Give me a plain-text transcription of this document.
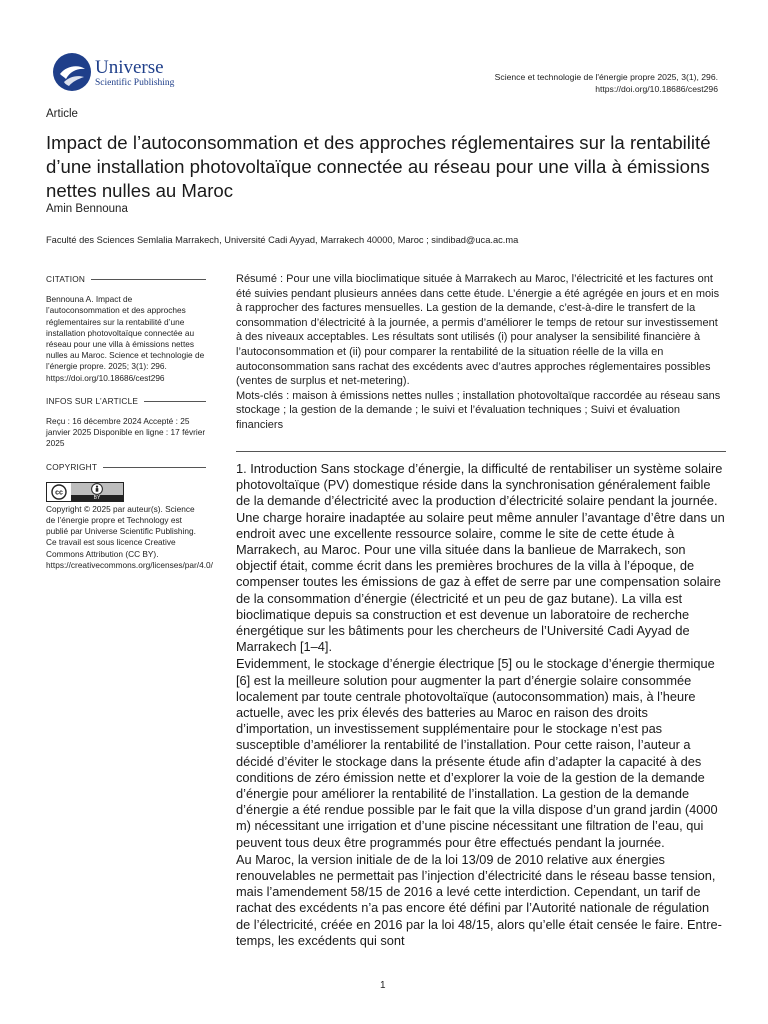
Universe
Scientific Publishing
Science et technologie de l'énergie propre 2025, 3(1), 296.
https://doi.org/10.18686/cest296
Article
Impact de l’autoconsommation et des approches réglementaires sur la rentabilité d’une installation photovoltaïque connectée au réseau pour une villa à émissions nettes nulles au Maroc
Amin Bennouna
Faculté des Sciences Semlalia Marrakech, Université Cadi Ayyad, Marrakech 40000, Maroc ; sindibad@uca.ac.ma
CITATION
Bennouna A. Impact de l’autoconsommation et des approches réglementaires sur la rentabilité d’une installation photovoltaïque connectée au réseau pour une villa à émissions nettes nulles au Maroc. Science et technologie de l’énergie propre. 2025; 3(1): 296. https://doi.org/10.18686/cest296
INFOS SUR L’ARTICLE
Reçu : 16 décembre 2024 Accepté : 25 janvier 2025 Disponible en ligne : 17 février 2025
COPYRIGHT
cc
BY
Copyright © 2025 par auteur(s). Science de l’énergie propre et Technology est publié par Universe Scientific Publishing. Ce travail est sous licence Creative Commons Attribution (CC BY). https://creativecommons.org/licenses/par/4.0/

Résumé : Pour une villa bioclimatique située à Marrakech au Maroc, l’électricité et les factures ont été suivies pendant plusieurs années dans cette étude. L’énergie a été agrégée en jours et en mois à rapprocher des factures mensuelles. La gestion de la demande, c’est-à-dire le transfert de la consommation d’électricité à la journée, a permis d’améliorer le temps de retour sur investissement à des niveaux acceptables. Les résultats sont utilisés (i) pour analyser la sensibilité financière à l’autoconsommation et (ii) pour comparer la rentabilité de la situation réelle de la villa en autoconsommation sans rachat des excédents avec d’autres approches réglementaires possibles (ventes de surplus et net-metering).

Mots-clés : maison à émissions nettes nulles ; installation photovoltaïque raccordée au réseau sans stockage ; la gestion de la demande ; le suivi et l’évaluation techniques ; Suivi et évaluation financiers

1. Introduction Sans stockage d’énergie, la difficulté de rentabiliser un système solaire photovoltaïque (PV) domestique réside dans la synchronisation généralement faible de la demande d’électricité avec la production d’électricité solaire pendant la journée. Une charge horaire inadaptée au solaire peut même annuler l’avantage d’être dans un endroit avec une excellente ressource solaire, comme le site de cette étude à Marrakech, au Maroc. Pour une villa située dans la banlieue de Marrakech, son objectif était, comme écrit dans les premières brochures de la villa à l’époque, de compenser toutes les émissions de gaz à effet de serre par une compensation solaire de la consommation d’énergie (électricité et un peu de gaz butane). La villa est bioclimatique depuis sa construction et est devenue un laboratoire de recherche énergétique sur les bâtiments pour les chercheurs de l’Université Cadi Ayyad de Marrakech [1–4].

Evidemment, le stockage d’énergie électrique [5] ou le stockage d’énergie thermique [6] est la meilleure solution pour augmenter la part d’énergie solaire consommée localement par toute centrale photovoltaïque (autoconsommation) mais, à l’heure actuelle, avec les prix élevés des batteries au Maroc en raison des droits d’importation, un investissement supplémentaire pour le stockage n’est pas susceptible d’améliorer la rentabilité de l’installation. Pour cette raison, l’auteur a décidé d’éviter le stockage dans la présente étude afin d’adapter la capacité à des conditions de zéro émission nette et d’explorer la voie de la gestion de la demande d’énergie pour améliorer la rentabilité de l’installation. La gestion de la demande d’énergie a été rendue possible par le fait que la villa dispose d’un grand jardin (4000 m) nécessitant une irrigation et d’une piscine nécessitant une filtration de l’eau, qui peuvent tous deux être programmés pour être effectués pendant la journée.

Au Maroc, la version initiale de de la loi 13/09 de 2010 relative aux énergies renouvelables ne permettait pas l’injection d’électricité dans le réseau basse tension, mais l’amendement 58/15 de 2016 a levé cette interdiction. Cependant, un tarif de rachat des excédents n’a pas encore été défini par l’Autorité nationale de régulation de l’électricité, créée en 2016 par la loi 48/15, alors qu’elle était censée le faire. Entre-temps, les excédents qui sont

1
